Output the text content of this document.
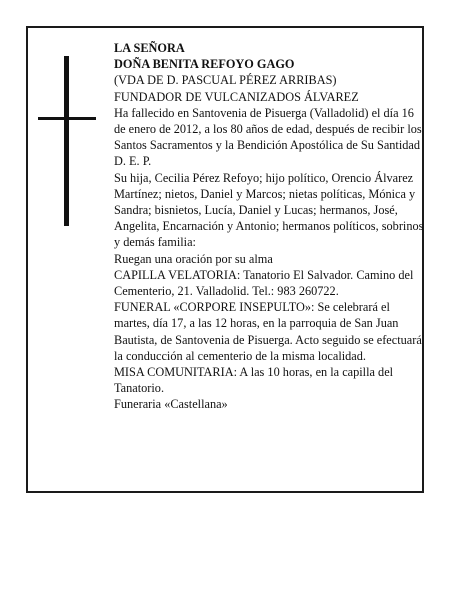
LA SEÑORA

DOÑA BENITA REFOYO GAGO

(VDA DE D. PASCUAL PÉREZ ARRIBAS)

FUNDADOR DE VULCANIZADOS ÁLVAREZ

Ha fallecido en Santovenia de Pisuerga (Valladolid) el día 16 de enero de 2012, a los 80 años de edad, después de recibir los Santos Sacramentos y la Bendición Apostólica de Su Santidad

D. E. P.

Su hija, Cecilia Pérez Refoyo; hijo político, Orencio Álvarez Martínez; nietos, Daniel y Marcos; nietas políticas, Mónica y Sandra; bisnietos, Lucía, Daniel y Lucas; hermanos, José, Angelita, Encarnación y Antonio; hermanos políticos, sobrinos y demás familia:

Ruegan una oración por su alma

CAPILLA VELATORIA: Tanatorio El Salvador. Camino del Cementerio, 21. Valladolid. Tel.: 983 260722.

FUNERAL «CORPORE INSEPULTO»: Se celebrará el martes, día 17, a las 12 horas, en la parroquia de San Juan Bautista, de Santovenia de Pisuerga. Acto seguido se efectuará la conducción al cementerio de la misma localidad.

MISA COMUNITARIA: A las 10 horas, en la capilla del Tanatorio.

Funeraria «Castellana»
